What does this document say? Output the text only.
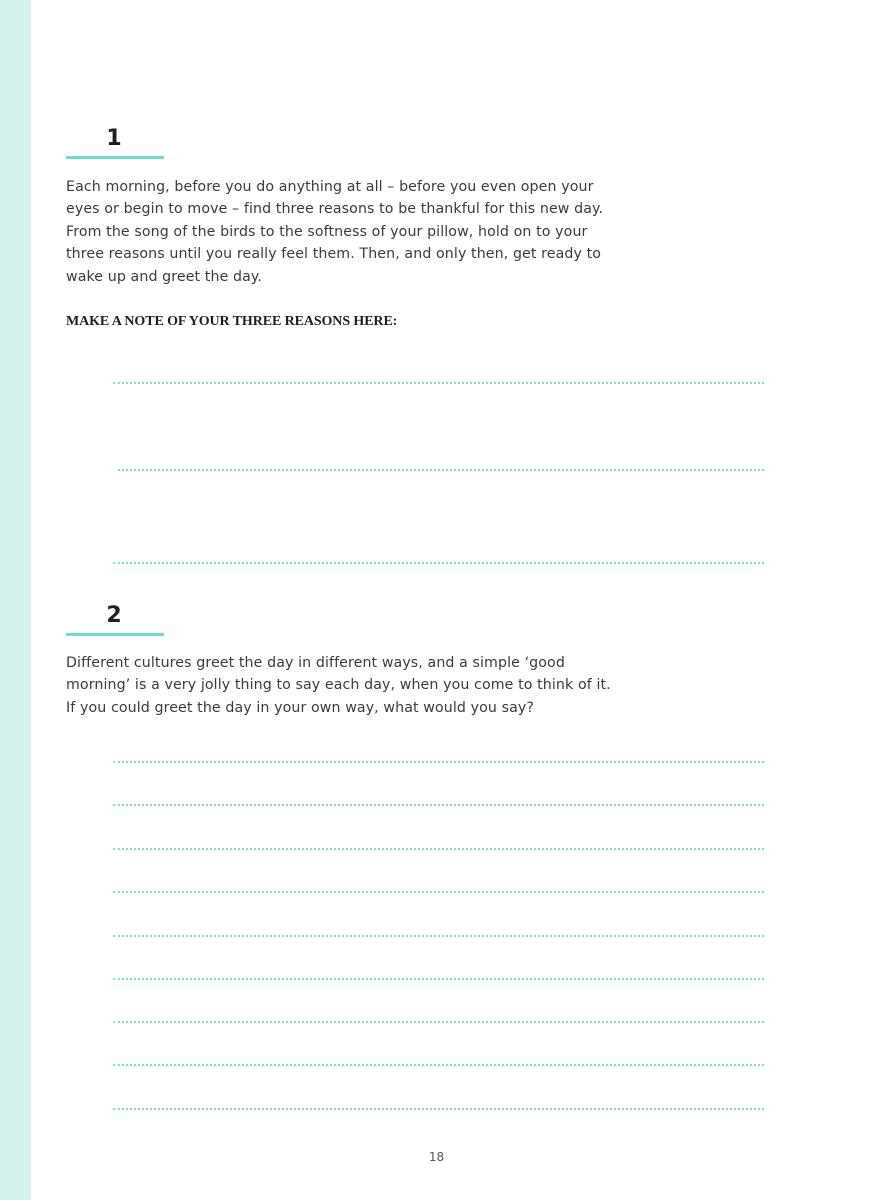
1

Each morning, before you do anything at all – before you even open your eyes or begin to move – find three reasons to be thankful for this new day. From the song of the birds to the softness of your pillow, hold on to your three reasons until you really feel them. Then, and only then, get ready to wake up and greet the day.

MAKE A NOTE OF YOUR THREE REASONS HERE:
2

Different cultures greet the day in different ways, and a simple ‘good morning’ is a very jolly thing to say each day, when you come to think of it. If you could greet the day in your own way, what would you say?

18
